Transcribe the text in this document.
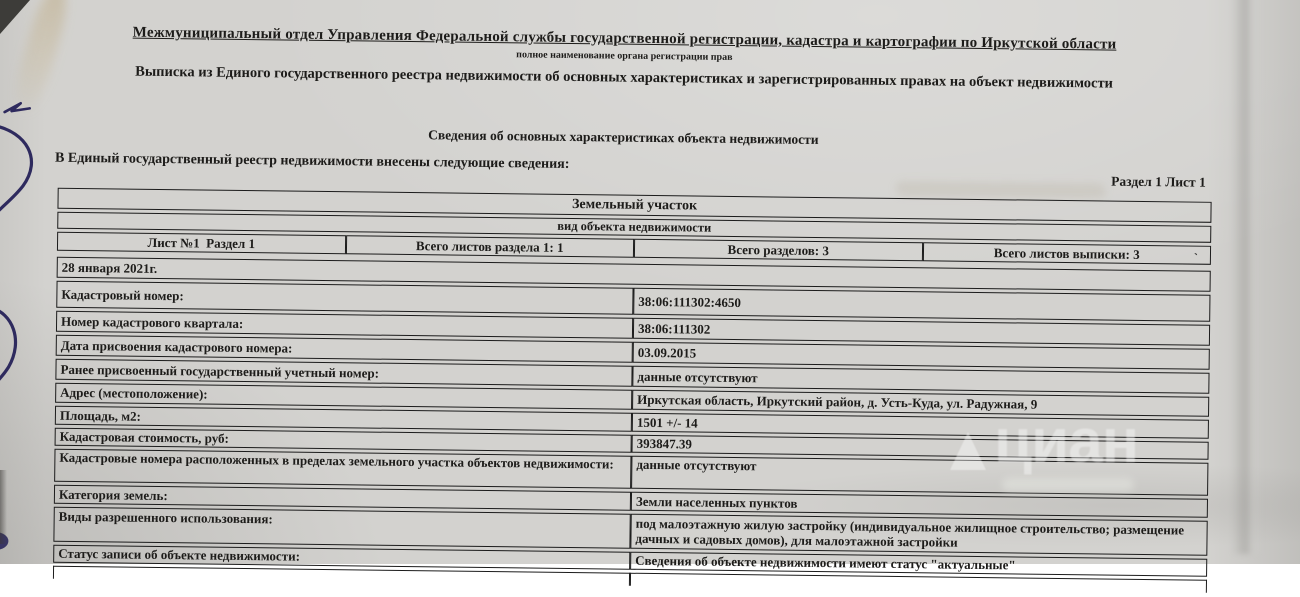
Межмуниципальный отдел Управления Федеральной службы государственной регистрации, кадастра и картографии по Иркутской области
полное наименование органа регистрации прав
Выписка из Единого государственного реестра недвижимости об основных характеристиках и зарегистрированных правах на объект недвижимости
Сведения об основных характеристиках объекта недвижимости
В Единый государственный реестр недвижимости внесены следующие сведения:
Раздел 1 Лист 1
Земельный участок
вид объекта недвижимости
Лист №1  Раздел 1	Всего листов раздела 1: 1	Всего разделов: 3	Всего листов выписки: 3	`
28 января 2021г.	
Кадастровый номер:	38:06:111302:4650
Номер кадастрового квартала:	38:06:111302
Дата присвоения кадастрового номера:	03.09.2015
Ранее присвоенный государственный учетный номер:	данные отсутствуют
Адрес (местоположение):	Иркутская область, Иркутский район, д. Усть-Куда, ул. Радужная, 9
Площадь, м2:	1501 +/- 14
Кадастровая стоимость, руб:	393847.39
Кадастровые номера расположенных в пределах земельного участка объектов недвижимости:	данные отсутствуют
Категория земель:	Земли населенных пунктов
Виды разрешенного использования:	под малоэтажную жилую застройку (индивидуальное жилищное строительство; размещение дачных и садовых домов), для малоэтажной застройки
Статус записи об объекте недвижимости:	Сведения об объекте недвижимости имеют статус "актуальные"

циан
